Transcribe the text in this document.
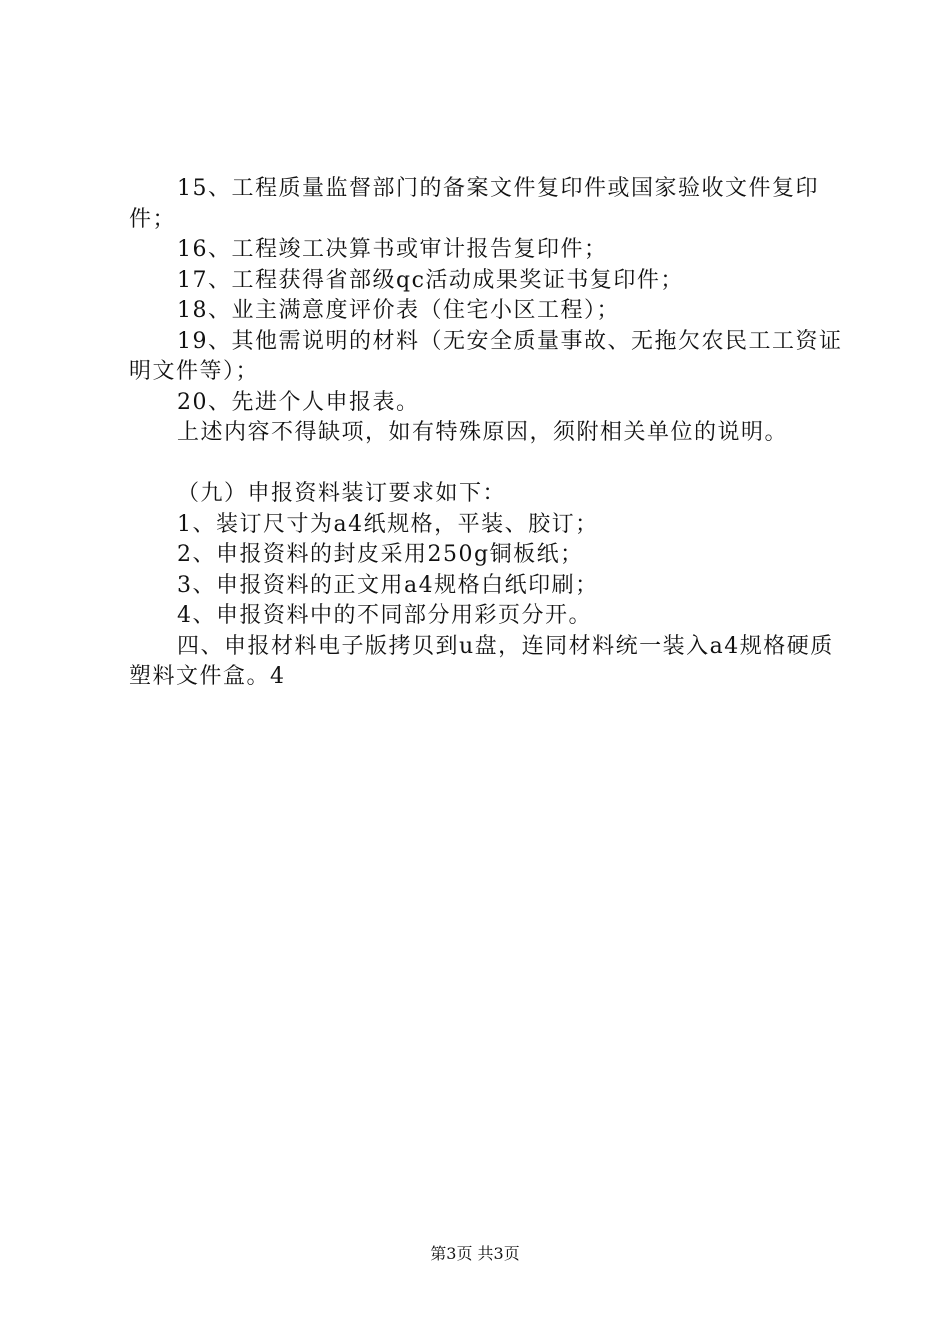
15、工程质量监督部门的备案文件复印件或国家验收文件复印件；

16、工程竣工决算书或审计报告复印件；

17、工程获得省部级qc活动成果奖证书复印件；

18、业主满意度评价表（住宅小区工程）；

19、其他需说明的材料（无安全质量事故、无拖欠农民工工资证明文件等）；

20、先进个人申报表。

上述内容不得缺项，如有特殊原因，须附相关单位的说明。

（九）申报资料装订要求如下：

1、装订尺寸为a4纸规格，平装、胶订；

2、申报资料的封皮采用250g铜板纸；

3、申报资料的正文用a4规格白纸印刷；

4、申报资料中的不同部分用彩页分开。

四、申报材料电子版拷贝到u盘，连同材料统一装入a4规格硬质塑料文件盒。4

第3页 共3页
